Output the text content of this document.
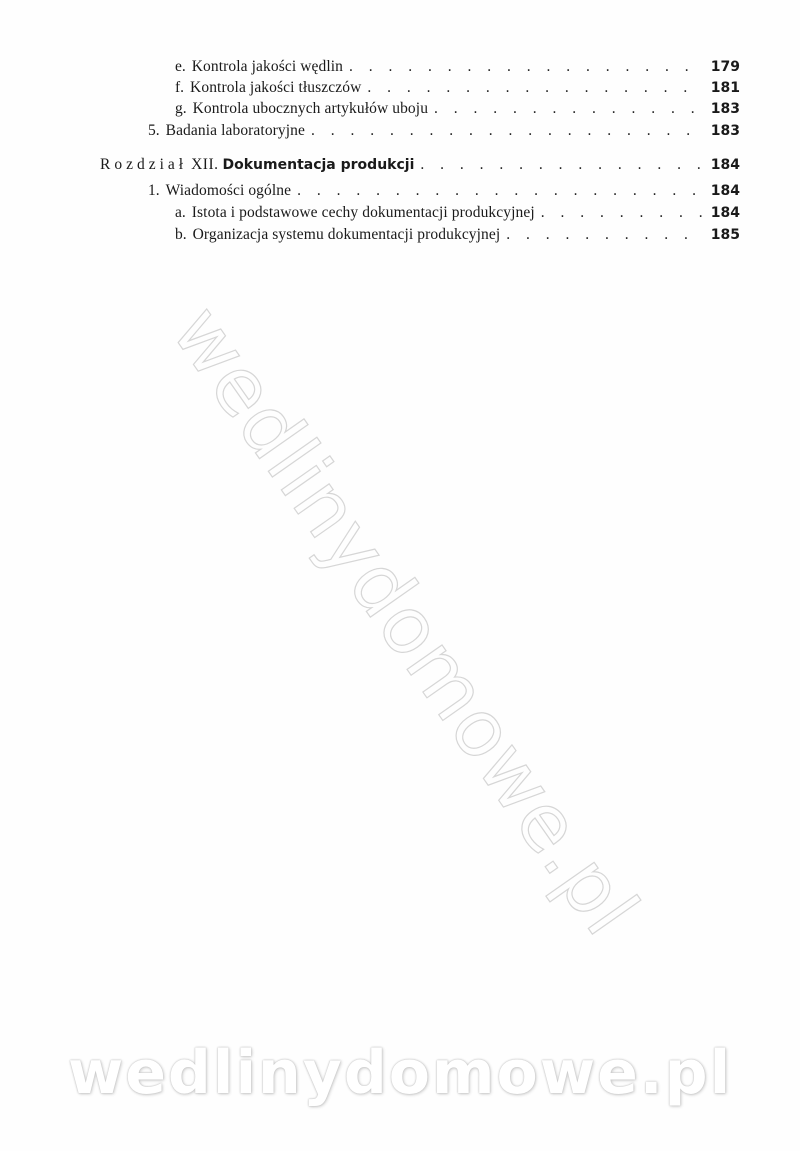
e. Kontrola jakości wędlin . . .	179
f. Kontrola jakości tłuszczów . . .	181
g. Kontrola ubocznych artykułów uboju . . .	183
5. Badania laboratoryjne . . .	183
Rozdział XII. Dokumentacja produkcji . . .	184
1. Wiadomości ogólne . . .	184
a. Istota i podstawowe cechy dokumentacji produkcyjnej . . .	184
b. Organizacja systemu dokumentacji produkcyjnej . . .	185
wedlinydomowe.pl
wedlinydomowe.pl
